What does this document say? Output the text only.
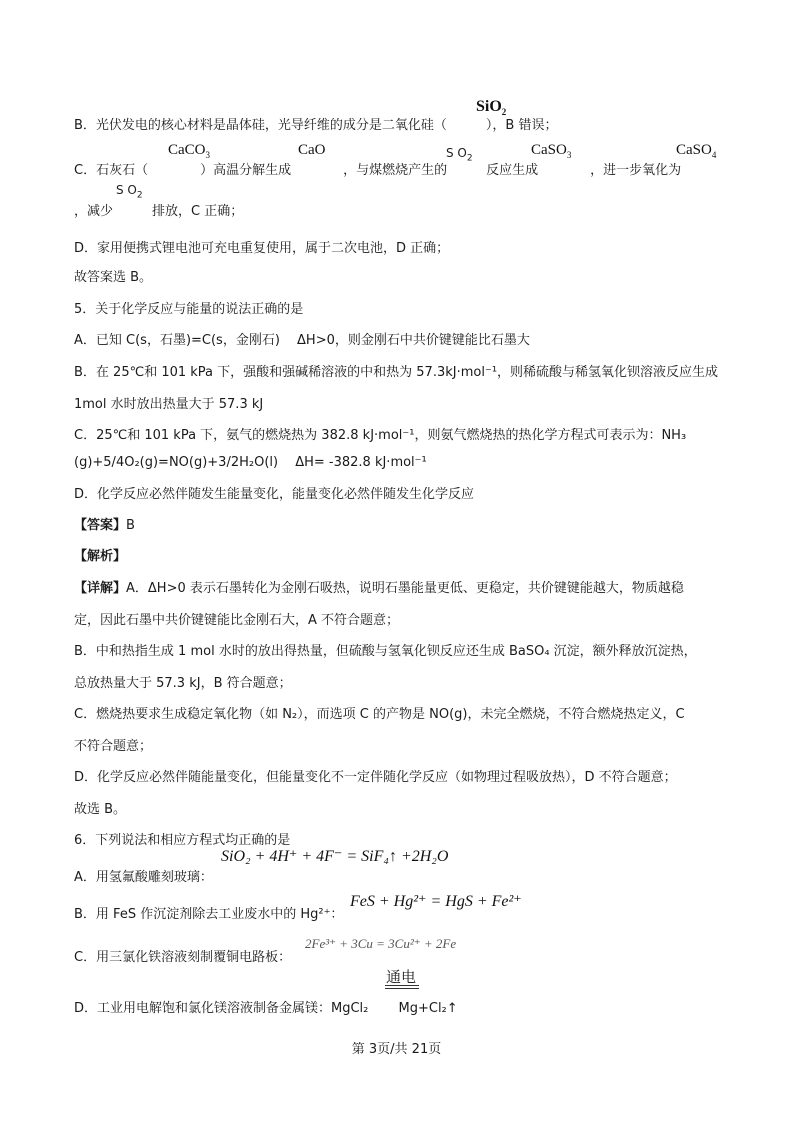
SiO$_2$
B．光伏发电的核心材料是晶体硅，光导纤维的成分是二氧化硅（　　　），B 错误；
CaCO$_3$	CaO	S $O_2$
CaSO$_3$	CaSO$_4$
C．石灰石（　　　　）高温分解生成　　　　，与煤燃烧产生的　　　反应生成　　　　，进一步氧化为
S $O_2$
，减少　　　排放，C 正确；
D．家用便携式锂电池可充电重复使用，属于二次电池，D 正确；
故答案选 B。
5．关于化学反应与能量的说法正确的是
A．已知 C(s，石墨)=C(s，金刚石)　 ΔH>0，则金刚石中共价键键能比石墨大
B．在 25℃和 101 kPa 下，强酸和强碱稀溶液的中和热为 57.3kJ·mol⁻¹，则稀硫酸与稀氢氧化钡溶液反应生成
1mol 水时放出热量大于 57.3 kJ
C．25℃和 101 kPa 下，氨气的燃烧热为 382.8 kJ·mol⁻¹，则氨气燃烧热的热化学方程式可表示为：NH₃
(g)+5/4O₂(g)=NO(g)+3/2H₂O(l)　 ΔH= -382.8 kJ·mol⁻¹
D．化学反应必然伴随发生能量变化，能量变化必然伴随发生化学反应
【答案】B
【解析】
【详解】A．ΔH>0 表示石墨转化为金刚石吸热，说明石墨能量更低、更稳定，共价键键能越大，物质越稳
定，因此石墨中共价键键能比金刚石大，A 不符合题意；
B．中和热指生成 1 mol 水时的放出得热量，但硫酸与氢氧化钡反应还生成 BaSO₄ 沉淀，额外释放沉淀热，
总放热量大于 57.3 kJ，B 符合题意；
C．燃烧热要求生成稳定氧化物（如 N₂），而选项 C 的产物是 NO(g)，未完全燃烧，不符合燃烧热定义，C
不符合题意；
D．化学反应必然伴随能量变化，但能量变化不一定伴随化学反应（如物理过程吸放热），D 不符合题意；
故选 B。
6．下列说法和相应方程式均正确的是
A．用氢氟酸雕刻玻璃：
SiO₂ + 4H⁺ + 4F⁻ = SiF₄↑ +2H₂O
B．用 FeS 作沉淀剂除去工业废水中的 Hg²⁺：
FeS + Hg²⁺ = HgS + Fe²⁺
C．用三氯化铁溶液刻制覆铜电路板：
2Fe³⁺ + 3Cu = 3Cu²⁺ + 2Fe
通电
D．工业用电解饱和氯化镁溶液制备金属镁：MgCl₂　　 Mg+Cl₂↑
第 3页/共 21页
